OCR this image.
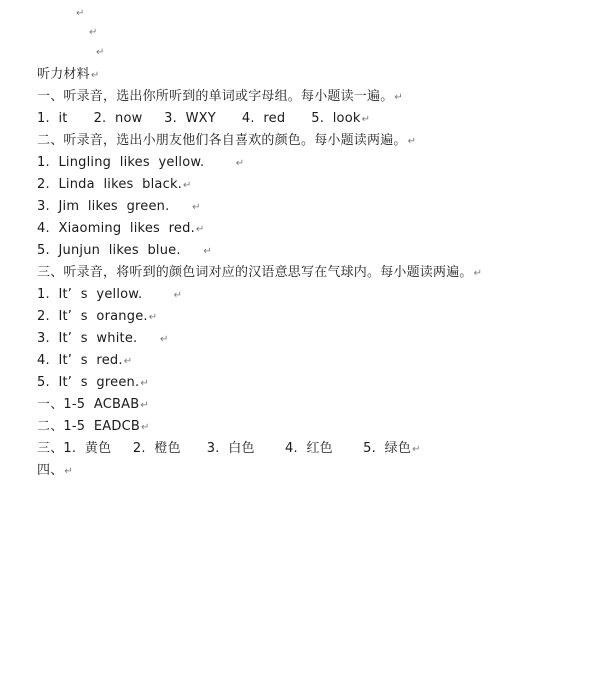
↵
↵
↵
听力材料↵
一、听录音，选出你所听到的单词或字母组。每小题读一遍。↵
1.  it      2.  now     3.  WXY      4.  red      5.  look↵
二、听录音，选出小朋友他们各自喜欢的颜色。每小题读两遍。↵
1.  Lingling  likes  yellow.       ↵
2.  Linda  likes  black.↵
3.  Jim  likes  green.     ↵
4.  Xiaoming  likes  red.↵
5.  Junjun  likes  blue.     ↵
三、听录音，将听到的颜色词对应的汉语意思写在气球内。每小题读两遍。↵
1.  It’  s  yellow.       ↵
2.  It’  s  orange.↵
3.  It’  s  white.     ↵
4.  It’  s  red.↵
5.  It’  s  green.↵
一、1-5  ACBAB↵
二、1-5  EADCB↵
三、1.  黄色     2.  橙色      3.  白色       4.  红色       5.  绿色↵
四、↵
